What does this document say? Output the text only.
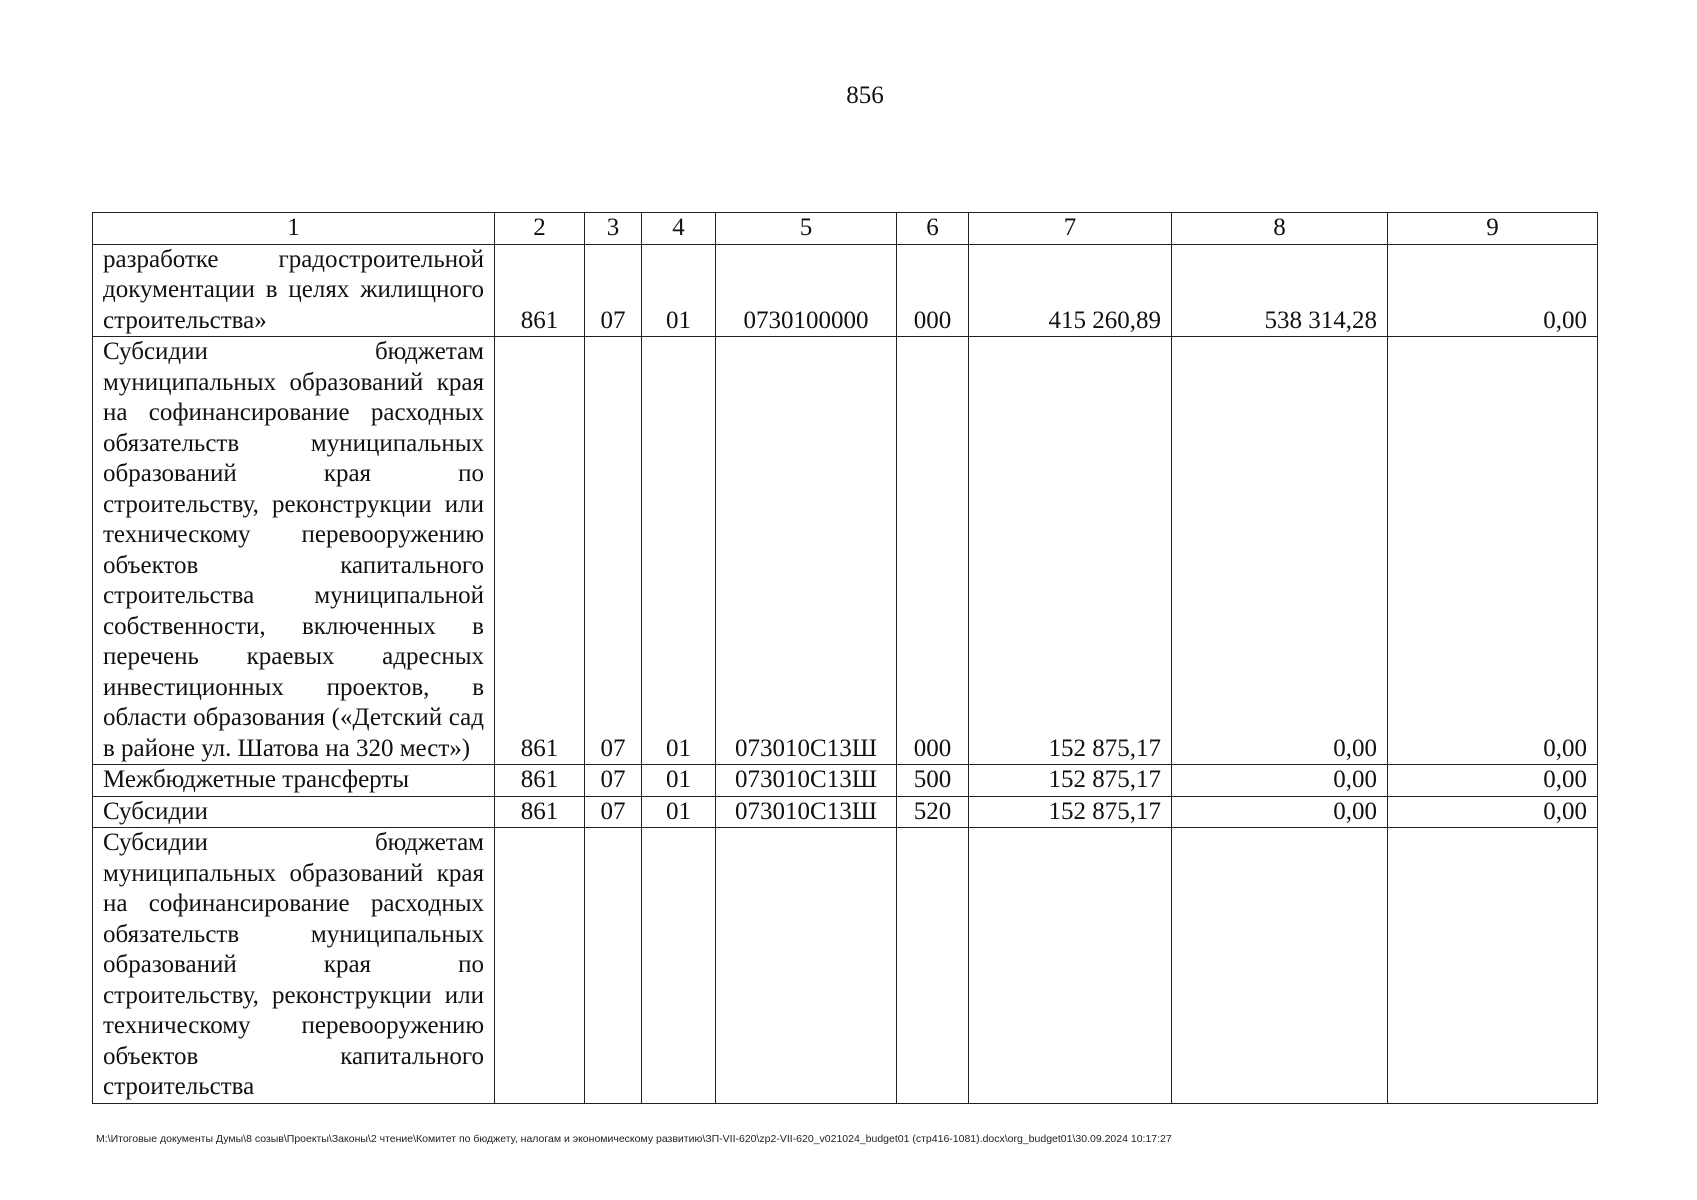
856
1	2	3	4	5	6	7	8	9
разработке градостроительной документации в целях жилищного строительства»	861	07	01	0730100000	000	415 260,89	538 314,28	0,00
Субсидии бюджетам муниципальных образований края на софинансирование расходных обязательств муниципальных образований края по строительству, реконструкции или техническому перевооружению объектов капитального строительства муниципальной собственности, включенных в перечень краевых адресных инвестиционных проектов, в области образования («Детский сад в районе ул. Шатова на 320 мест»)	861	07	01	073010С13Ш	000	152 875,17	0,00	0,00
Межбюджетные трансферты	861	07	01	073010С13Ш	500	152 875,17	0,00	0,00
Субсидии	861	07	01	073010С13Ш	520	152 875,17	0,00	0,00
Субсидии бюджетам муниципальных образований края на софинансирование расходных обязательств муниципальных образований края по строительству, реконструкции или техническому перевооружению объектов капитального строительства								
M:\Итоговые документы Думы\8 созыв\Проекты\Законы\2 чтение\Комитет по бюджету, налогам и экономическому развитию\ЗП-VII-620\zp2-VII-620_v021024_budget01 (стр416-1081).docx\org_budget01\30.09.2024 10:17:27
